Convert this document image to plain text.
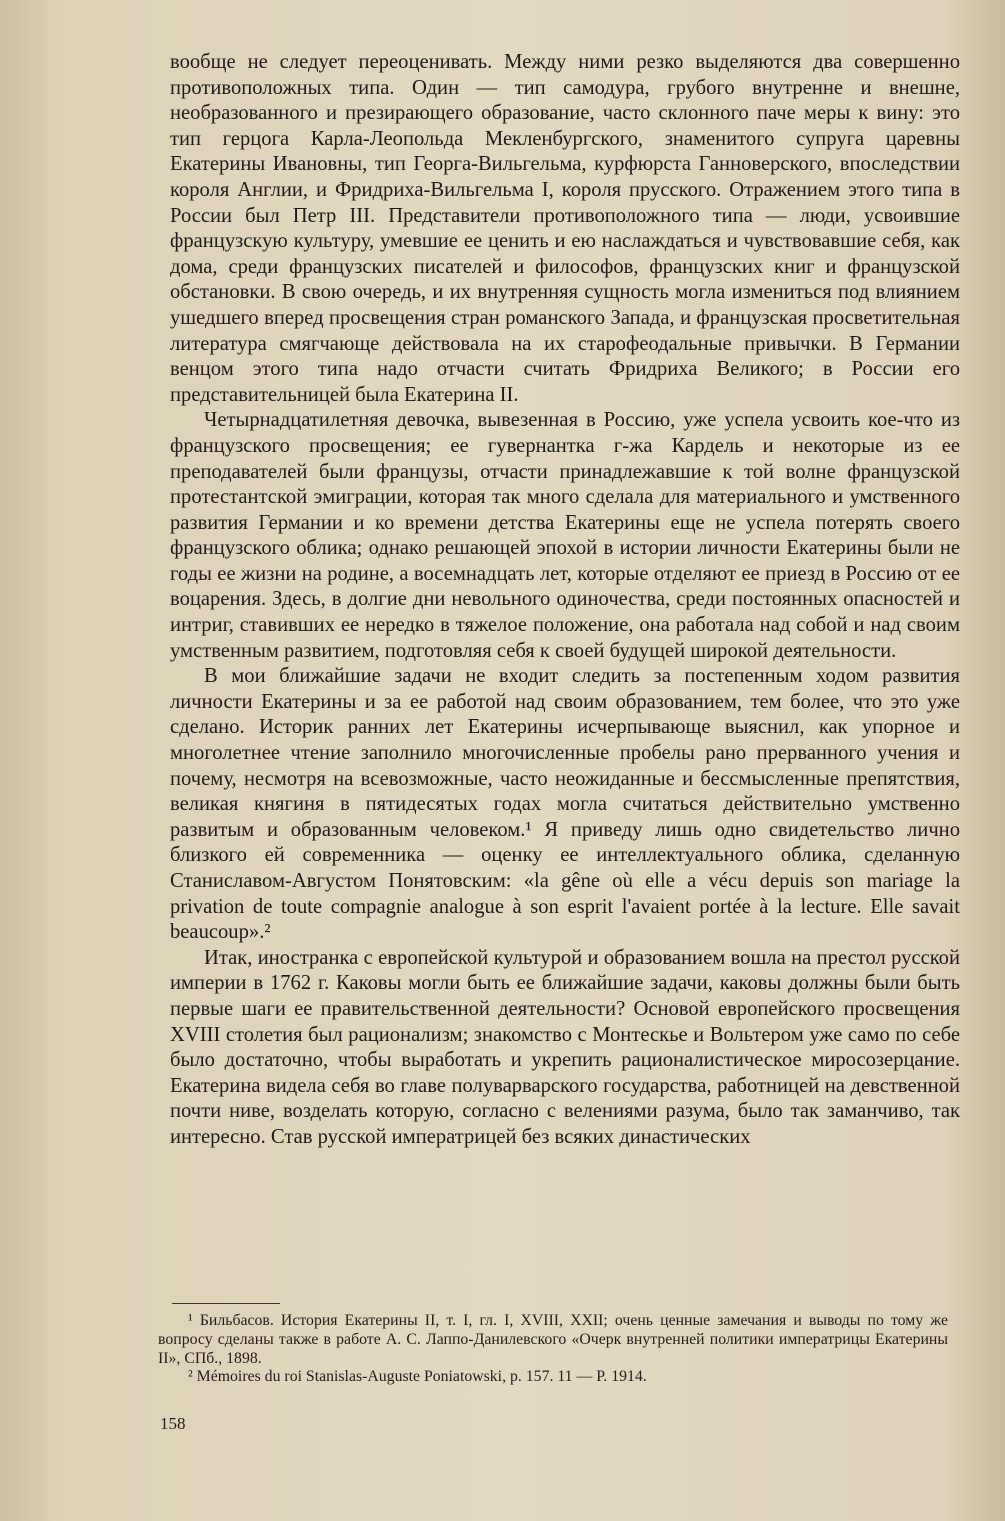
вообще не следует переоценивать. Между ними резко выделяются два совершенно противоположных типа. Один — тип самодура, грубого внутренне и внешне, необразованного и презирающего образование, часто склонного паче меры к вину: это тип герцога Карла-Леопольда Мекленбургского, знаменитого супруга царевны Екатерины Ивановны, тип Георга-Вильгельма, курфюрста Ганноверского, впоследствии короля Англии, и Фридриха-Вильгельма I, короля прусского. Отражением этого типа в России был Петр III. Представители противоположного типа — люди, усвоившие французскую культуру, умевшие ее ценить и ею наслаждаться и чувствовавшие себя, как дома, среди французских писателей и философов, французских книг и французской обстановки. В свою очередь, и их внутренняя сущность могла измениться под влиянием ушедшего вперед просвещения стран романского Запада, и французская просветительная литература смягчающе действовала на их старофеодальные привычки. В Германии венцом этого типа надо отчасти считать Фридриха Великого; в России его представительницей была Екатерина II.

Четырнадцатилетняя девочка, вывезенная в Россию, уже успела усвоить кое-что из французского просвещения; ее гувернантка г-жа Кардель и некоторые из ее преподавателей были французы, отчасти принадлежавшие к той волне французской протестантской эмиграции, которая так много сделала для материального и умственного развития Германии и ко времени детства Екатерины еще не успела потерять своего французского облика; однако решающей эпохой в истории личности Екатерины были не годы ее жизни на родине, а восемнадцать лет, которые отделяют ее приезд в Россию от ее воцарения. Здесь, в долгие дни невольного одиночества, среди постоянных опасностей и интриг, ставивших ее нередко в тяжелое положение, она работала над собой и над своим умственным развитием, подготовляя себя к своей будущей широкой деятельности.

В мои ближайшие задачи не входит следить за постепенным ходом развития личности Екатерины и за ее работой над своим образованием, тем более, что это уже сделано. Историк ранних лет Екатерины исчерпывающе выяснил, как упорное и многолетнее чтение заполнило многочисленные пробелы рано прерванного учения и почему, несмотря на всевозможные, часто неожиданные и бессмысленные препятствия, великая княгиня в пятидесятых годах могла считаться действительно умственно развитым и образованным человеком.¹ Я приведу лишь одно свидетельство лично близкого ей современника — оценку ее интеллектуального облика, сделанную Станиславом-Августом Понятовским: «la gêne où elle a vécu depuis son mariage la privation de toute compagnie analogue à son esprit l'avaient portée à la lecture. Elle savait beaucoup».²

Итак, иностранка с европейской культурой и образованием вошла на престол русской империи в 1762 г. Каковы могли быть ее ближайшие задачи, каковы должны были быть первые шаги ее правительственной деятельности? Основой европейского просвещения XVIII столетия был рационализм; знакомство с Монтескье и Вольтером уже само по себе было достаточно, чтобы выработать и укрепить рационалистическое миросозерцание. Екатерина видела себя во главе полуварварского государства, работницей на девственной почти ниве, возделать которую, согласно с велениями разума, было так заманчиво, так интересно. Став русской императрицей без всяких династических

¹ Бильбасов. История Екатерины II, т. I, гл. I, XVIII, XXII; очень ценные замечания и выводы по тому же вопросу сделаны также в работе А. С. Лаппо-Данилевского «Очерк внутренней политики императрицы Екатерины II», СПб., 1898.

² Mémoires du roi Stanislas-Auguste Poniatowski, p. 157. 11 — P. 1914.

158
